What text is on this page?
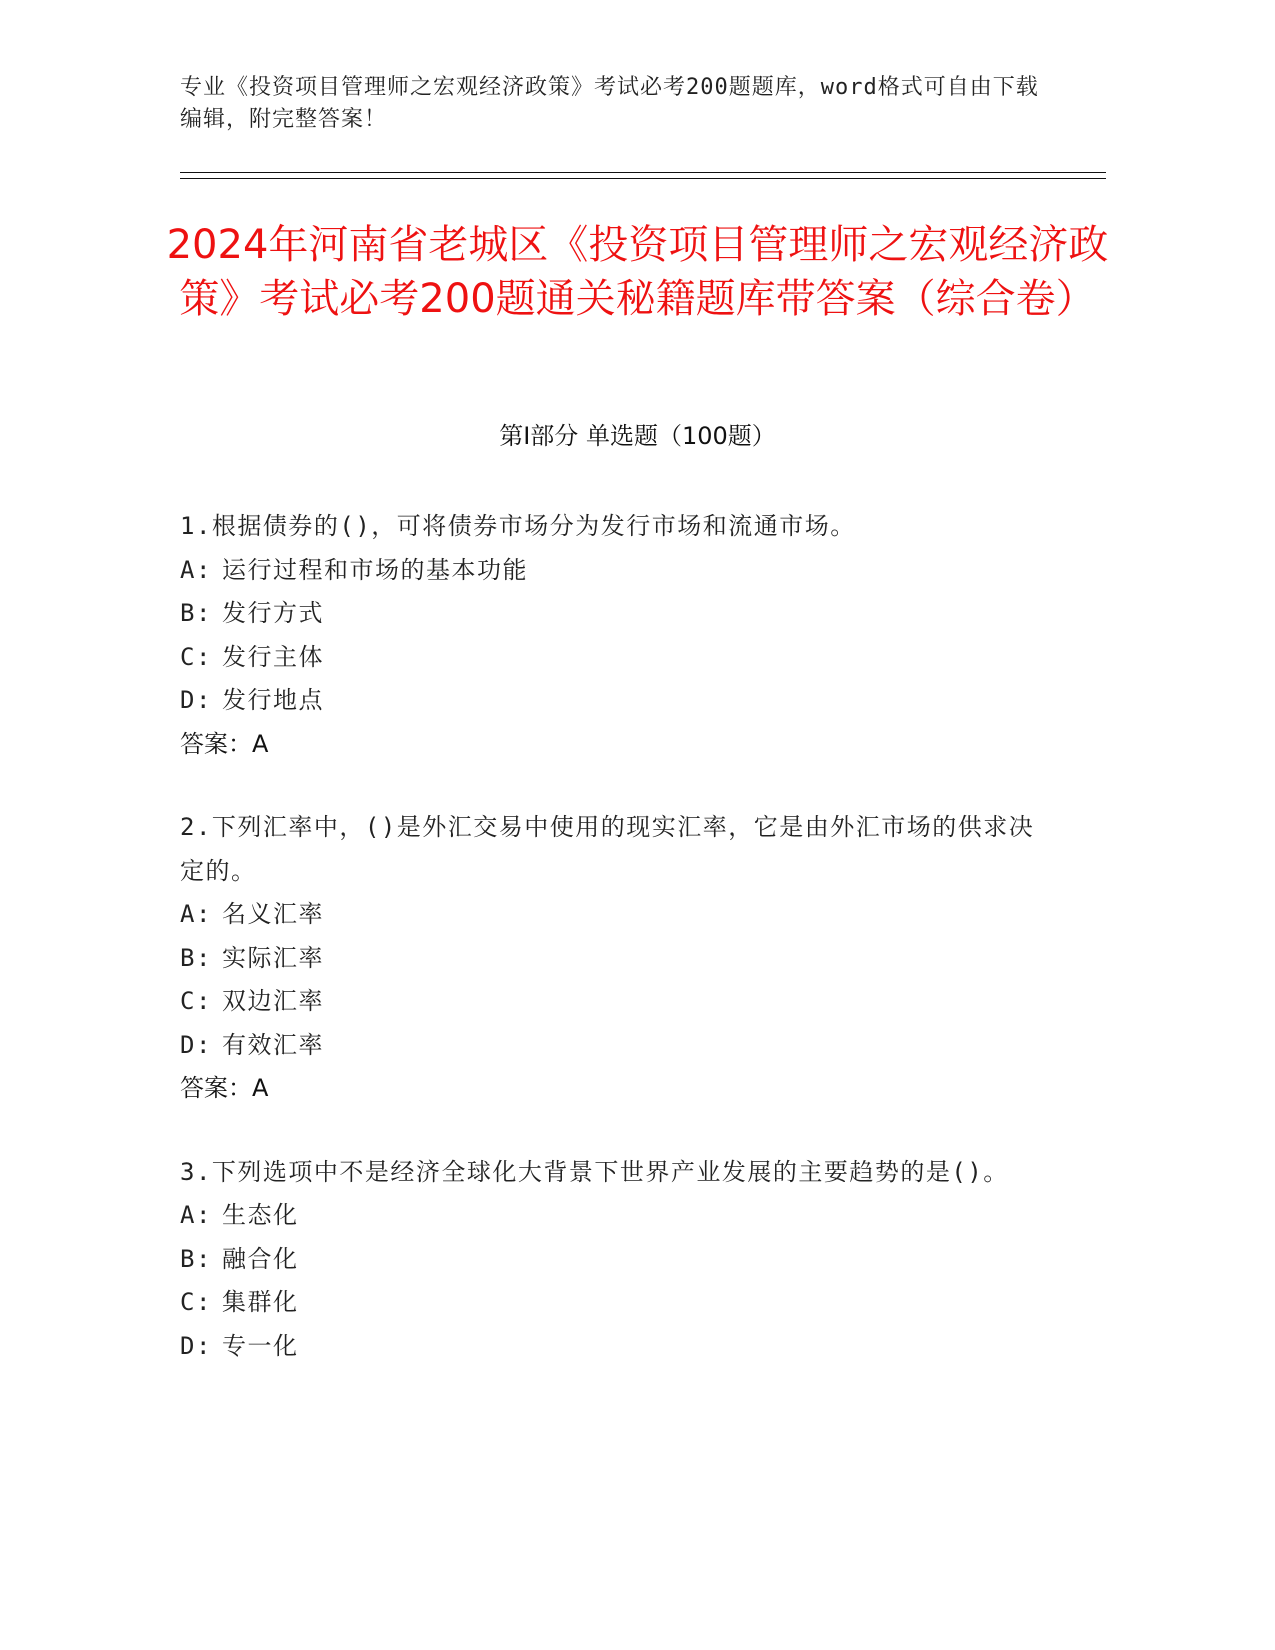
专业《投资项目管理师之宏观经济政策》考试必考200题题库，word格式可自由下载编辑，附完整答案！
2024年河南省老城区《投资项目管理师之宏观经济政策》考试必考200题通关秘籍题库带答案（综合卷）
第Ⅰ部分 单选题（100题）
1.根据债券的()，可将债券市场分为发行市场和流通市场。
A: 运行过程和市场的基本功能
B: 发行方式
C: 发行主体
D: 发行地点
答案：A
2.下列汇率中，()是外汇交易中使用的现实汇率，它是由外汇市场的供求决定的。
A: 名义汇率
B: 实际汇率
C: 双边汇率
D: 有效汇率
答案：A
3.下列选项中不是经济全球化大背景下世界产业发展的主要趋势的是()。
A: 生态化
B: 融合化
C: 集群化
D: 专一化
